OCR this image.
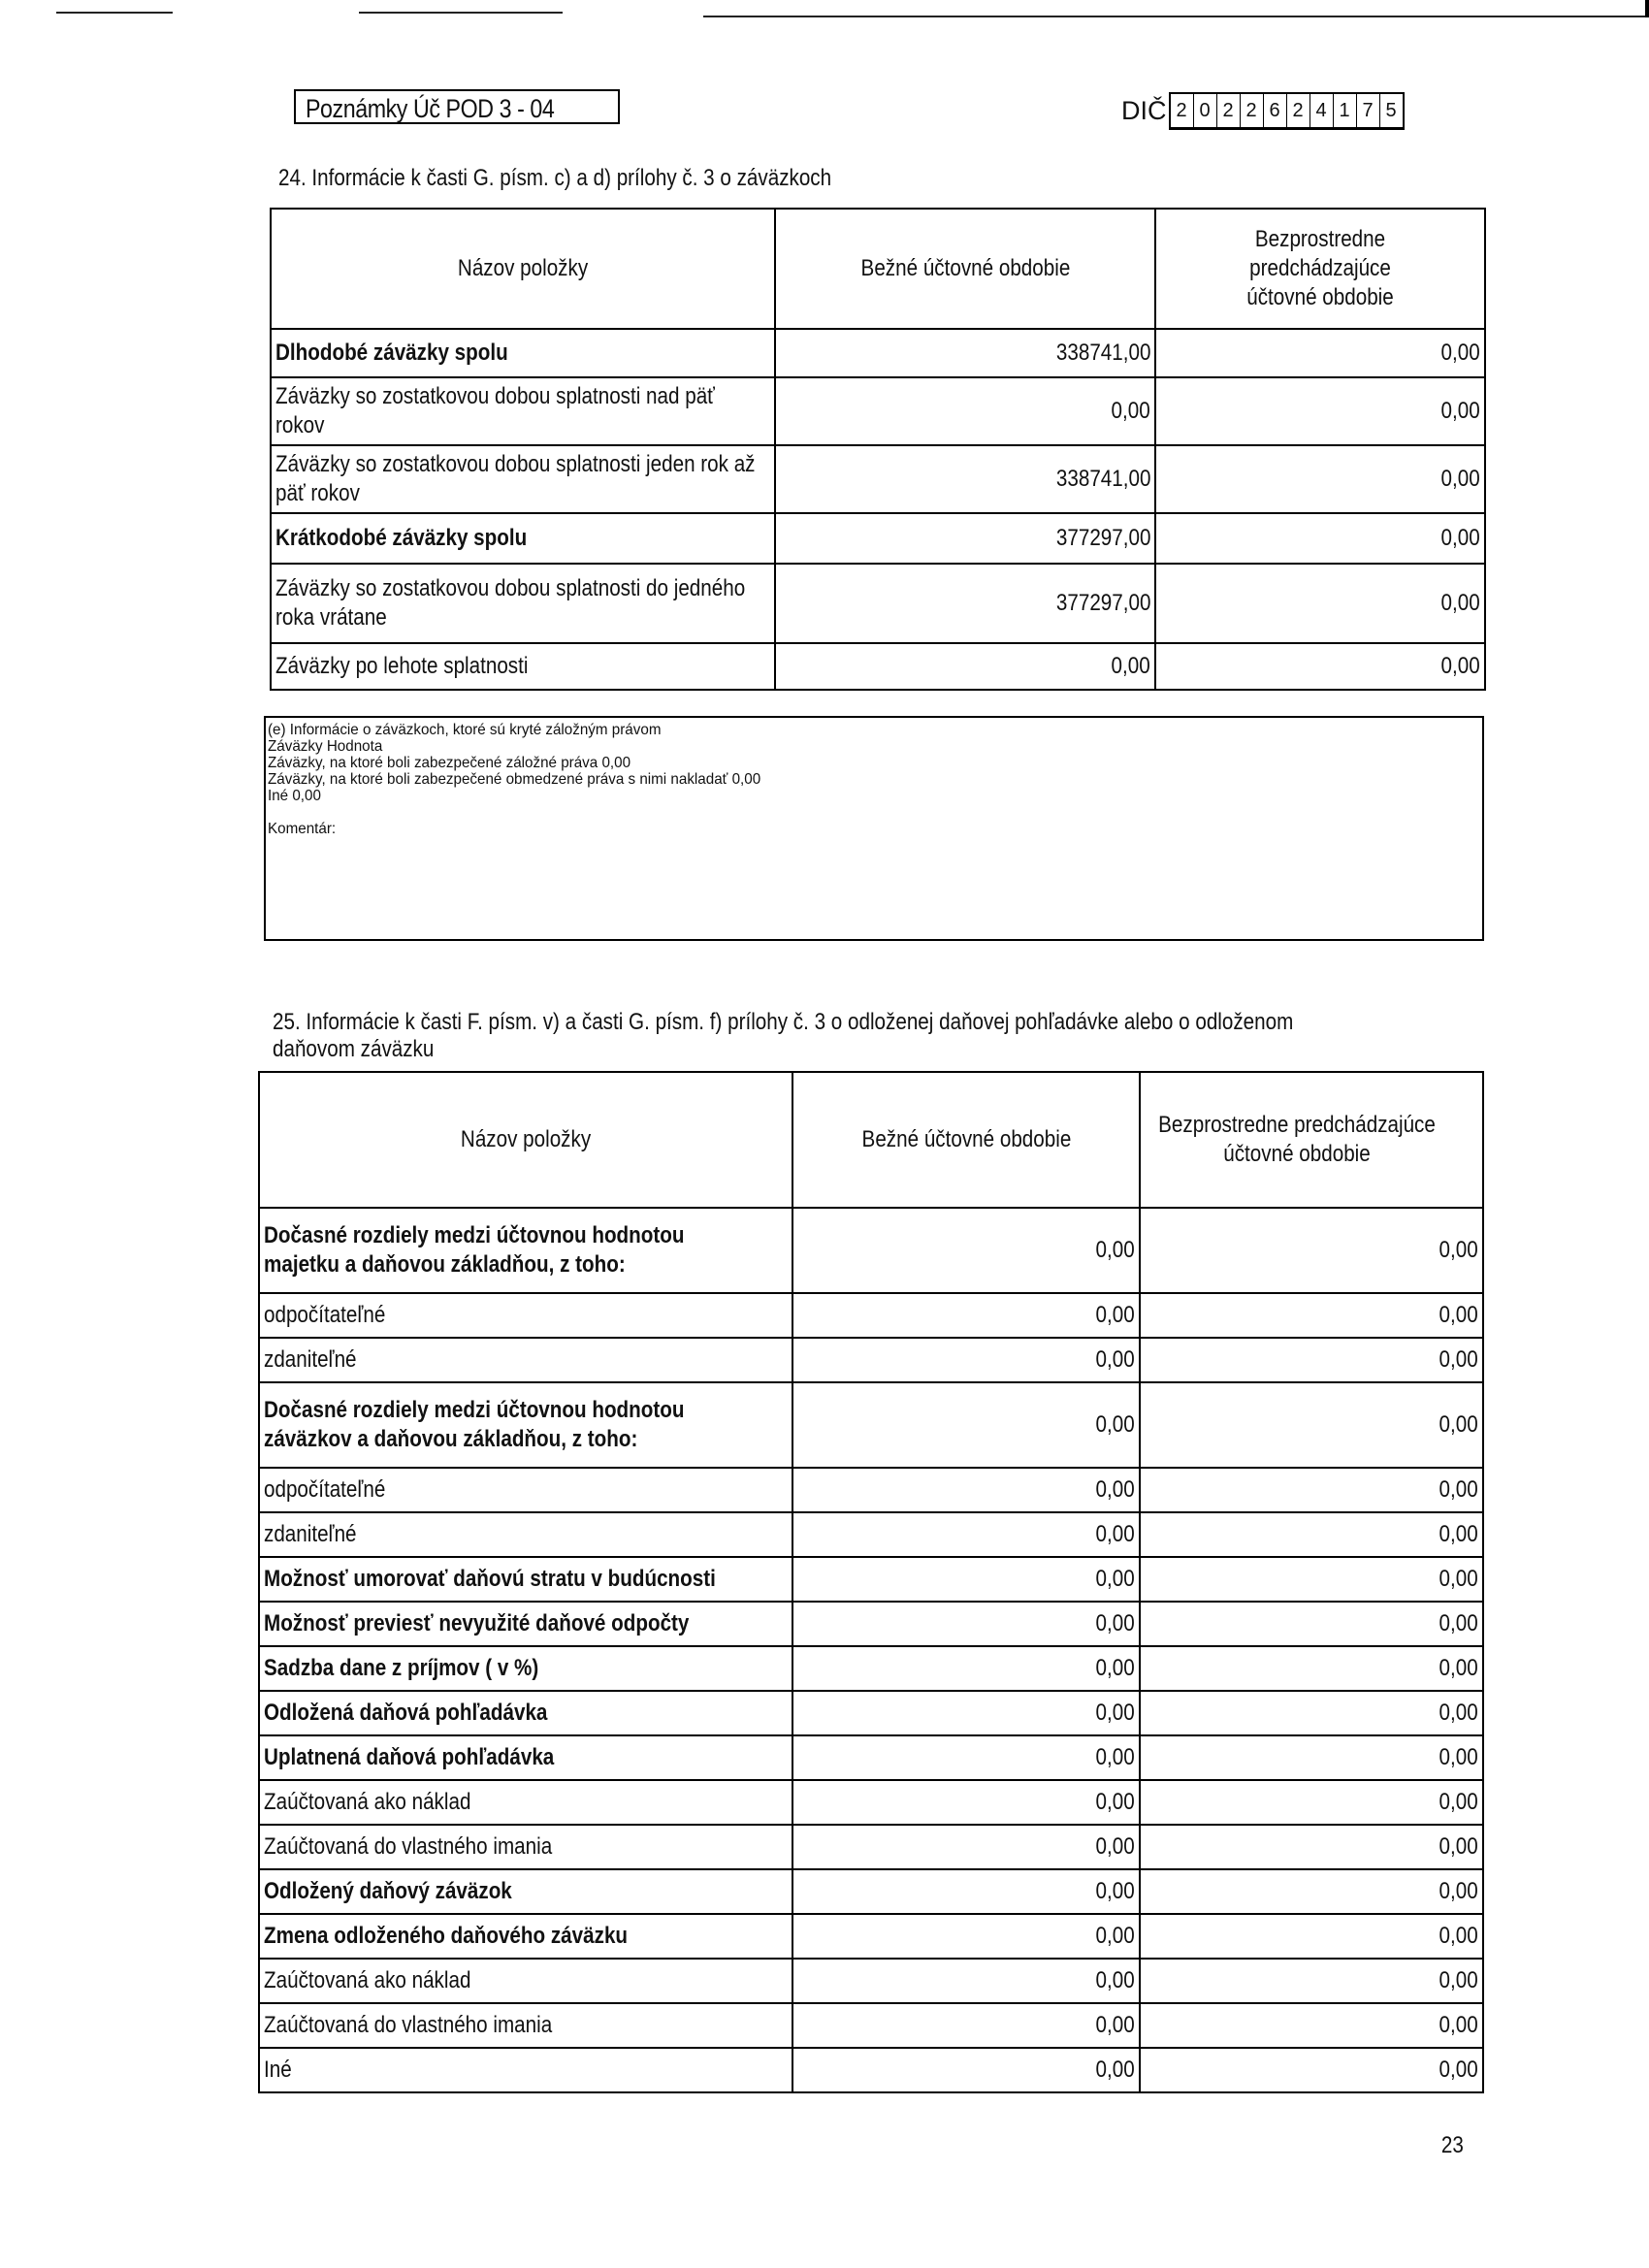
Poznámky Úč POD 3 - 04	DIČ 2 0 2 2 6 2 4 1 7 5
24. Informácie k časti G. písm. c) a d) prílohy č. 3 o záväzkoch
Názov položky	Bežné účtovné obdobie	Bezprostredne predchádzajúce účtovné obdobie
Dlhodobé záväzky spolu	338741,00	0,00
Záväzky so zostatkovou dobou splatnosti nad päť rokov	0,00	0,00
Záväzky so zostatkovou dobou splatnosti jeden rok až päť rokov	338741,00	0,00
Krátkodobé záväzky spolu	377297,00	0,00
Záväzky so zostatkovou dobou splatnosti do jedného roka vrátane	377297,00	0,00
Záväzky po lehote splatnosti	0,00	0,00
(e) Informácie o záväzkoch, ktoré sú kryté záložným právom
Záväzky Hodnota
Záväzky, na ktoré boli zabezpečené záložné práva 0,00
Záväzky, na ktoré boli zabezpečené obmedzené práva s nimi nakladať 0,00
Iné 0,00
Komentár:
25. Informácie k časti F. písm. v) a časti G. písm. f) prílohy č. 3 o odloženej daňovej pohľadávke alebo o odloženom
daňovom záväzku
Názov položky	Bežné účtovné obdobie	Bezprostredne predchádzajúce účtovné obdobie
Dočasné rozdiely medzi účtovnou hodnotou majetku a daňovou základňou, z toho:	0,00	0,00
odpočítateľné	0,00	0,00
zdaniteľné	0,00	0,00
Dočasné rozdiely medzi účtovnou hodnotou záväzkov a daňovou základňou, z toho:	0,00	0,00
odpočítateľné	0,00	0,00
zdaniteľné	0,00	0,00
Možnosť umorovať daňovú stratu v budúcnosti	0,00	0,00
Možnosť previesť nevyužité daňové odpočty	0,00	0,00
Sadzba dane z príjmov ( v %)	0,00	0,00
Odložená daňová pohľadávka	0,00	0,00
Uplatnená daňová pohľadávka	0,00	0,00
Zaúčtovaná ako náklad	0,00	0,00
Zaúčtovaná do vlastného imania	0,00	0,00
Odložený daňový záväzok	0,00	0,00
Zmena odloženého daňového záväzku	0,00	0,00
Zaúčtovaná ako náklad	0,00	0,00
Zaúčtovaná do vlastného imania	0,00	0,00
Iné	0,00	0,00
23
